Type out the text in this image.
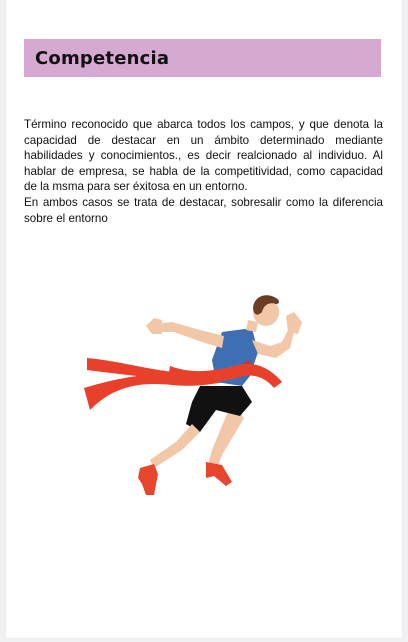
Competencia

Término reconocido que abarca todos los campos, y que denota la capacidad de destacar en un ámbito determinado mediante habilidades y conocimientos., es decir realcionado al individuo. Al hablar de empresa, se habla de la competitividad, como capacidad de la msma para ser éxitosa en un entorno.

En ambos casos se trata de destacar, sobresalir como la diferencia sobre el entorno
